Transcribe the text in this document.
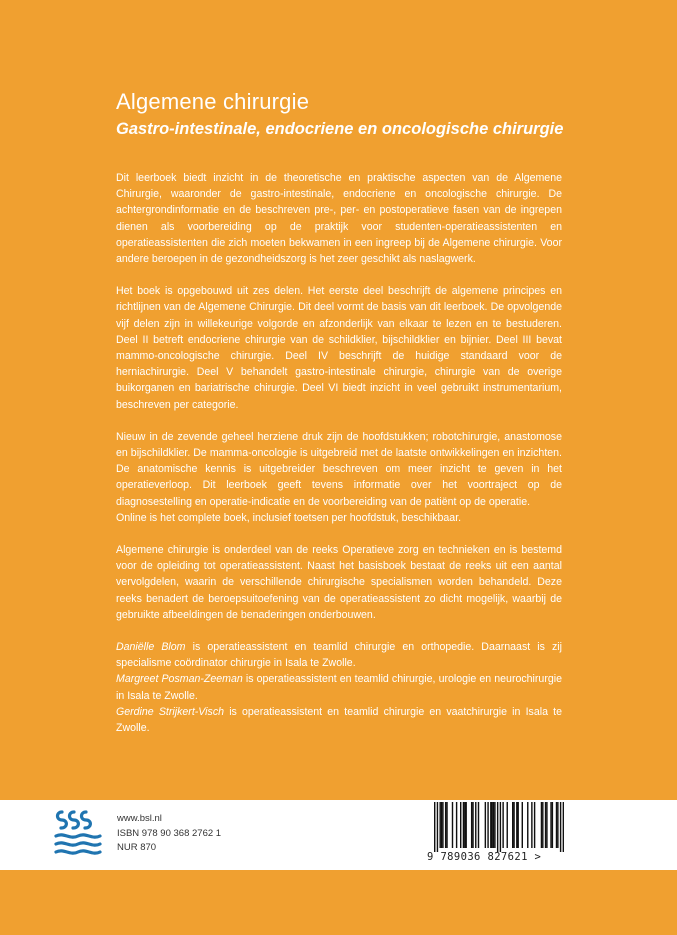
Algemene chirurgie
Gastro-intestinale, endocriene en oncologische chirurgie

Dit leerboek biedt inzicht in de theoretische en praktische aspecten van de Algemene Chirurgie, waaronder de gastro-intestinale, endocriene en oncologische chirurgie. De achtergrondinformatie en de beschreven pre-, per- en postoperatieve fasen van de ingrepen dienen als voorbereiding op de praktijk voor studenten-operatieassistenten en operatieassistenten die zich moeten bekwamen in een ingreep bij de Algemene chirurgie. Voor andere beroepen in de gezondheidszorg is het zeer geschikt als naslagwerk.

Het boek is opgebouwd uit zes delen. Het eerste deel beschrijft de algemene principes en richtlijnen van de Algemene Chirurgie. Dit deel vormt de basis van dit leerboek. De opvolgende vijf delen zijn in willekeurige volgorde en afzonderlijk van elkaar te lezen en te bestuderen. Deel II betreft endocriene chirurgie van de schildklier, bijschildklier en bijnier. Deel III bevat mammo-oncologische chirurgie. Deel IV beschrijft de huidige standaard voor de herniachirurgie. Deel V behandelt gastro-intestinale chirurgie, chirurgie van de overige buikorganen en bariatrische chirurgie. Deel VI biedt inzicht in veel gebruikt instrumentarium, beschreven per categorie.

Nieuw in de zevende geheel herziene druk zijn de hoofdstukken; robotchirurgie, anastomose en bijschildklier. De mamma-oncologie is uitgebreid met de laatste ontwikkelingen en inzichten. De anatomische kennis is uitgebreider beschreven om meer inzicht te geven in het operatieverloop. Dit leerboek geeft tevens informatie over het voortraject op de diagnosestelling en operatie-indicatie en de voorbereiding van de patiënt op de operatie.

Online is het complete boek, inclusief toetsen per hoofdstuk, beschikbaar.

Algemene chirurgie is onderdeel van de reeks Operatieve zorg en technieken en is bestemd voor de opleiding tot operatieassistent. Naast het basisboek bestaat de reeks uit een aantal vervolgdelen, waarin de verschillende chirurgische specialismen worden behandeld. Deze reeks benadert de beroepsuitoefening van de operatieassistent zo dicht mogelijk, waarbij de gebruikte afbeeldingen de benaderingen onderbouwen.

Daniëlle Blom is operatieassistent en teamlid chirurgie en orthopedie. Daarnaast is zij specialisme coördinator chirurgie in Isala te Zwolle.

Margreet Posman-Zeeman is operatieassistent en teamlid chirurgie, urologie en neurochirurgie in Isala te Zwolle.

Gerdine Strijkert-Visch is operatieassistent en teamlid chirurgie en vaatchirurgie in Isala te Zwolle.

www.bsl.nl
ISBN 978 90 368 2762 1
NUR 870
9 789036 827621 >
